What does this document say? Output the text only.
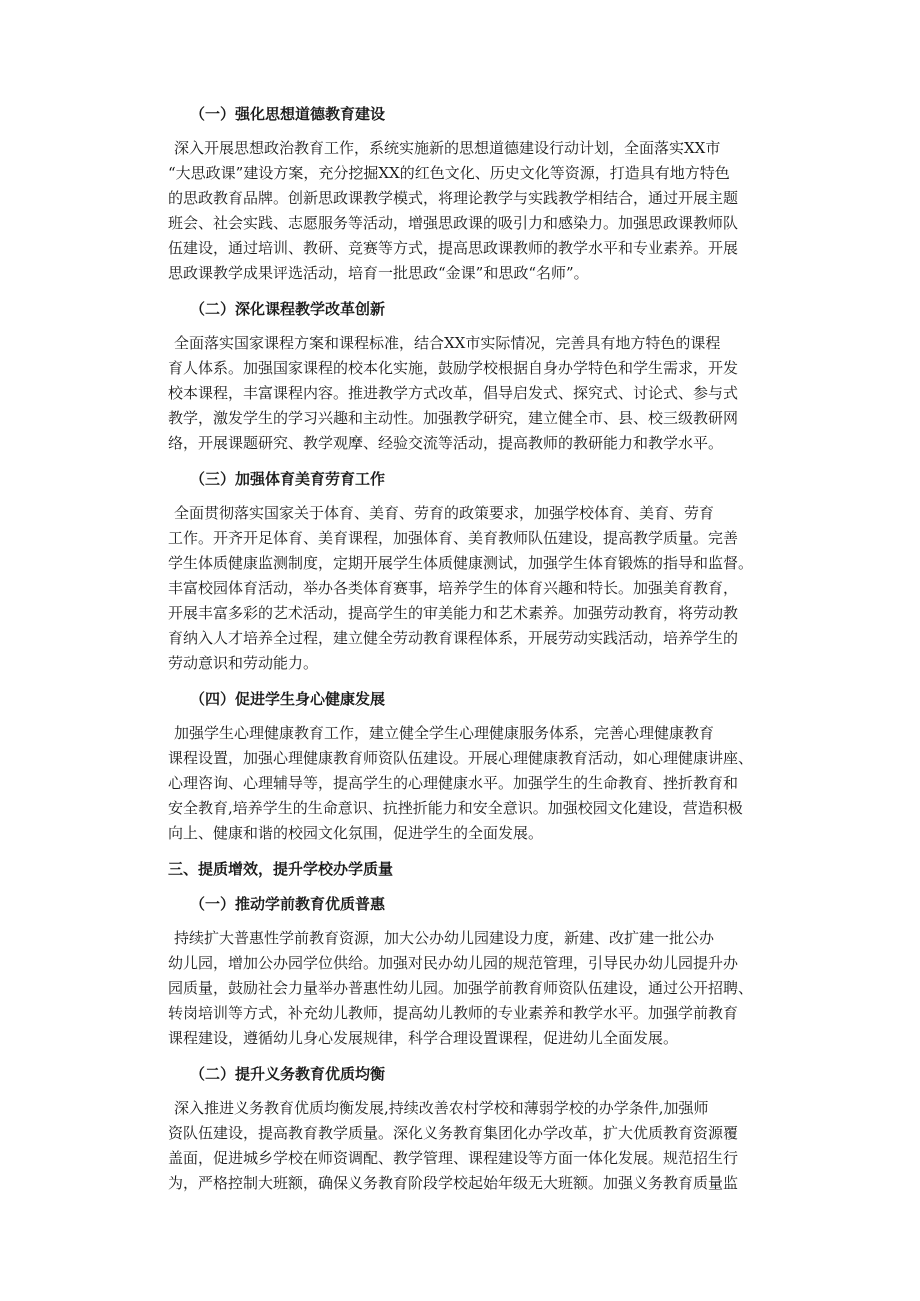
（一）强化思想道德教育建设
深入开展思想政治教育工作，系统实施新的思想道德建设行动计划，全面落实XX市
“大思政课”建设方案，充分挖掘XX的红色文化、历史文化等资源，打造具有地方特色
的思政教育品牌。创新思政课教学模式，将理论教学与实践教学相结合，通过开展主题
班会、社会实践、志愿服务等活动，增强思政课的吸引力和感染力。加强思政课教师队
伍建设，通过培训、教研、竞赛等方式，提高思政课教师的教学水平和专业素养。开展
思政课教学成果评选活动，培育一批思政“金课”和思政“名师”。
（二）深化课程教学改革创新
全面落实国家课程方案和课程标准，结合XX市实际情况，完善具有地方特色的课程
育人体系。加强国家课程的校本化实施，鼓励学校根据自身办学特色和学生需求，开发
校本课程，丰富课程内容。推进教学方式改革，倡导启发式、探究式、讨论式、参与式
教学，激发学生的学习兴趣和主动性。加强教学研究，建立健全市、县、校三级教研网
络，开展课题研究、教学观摩、经验交流等活动，提高教师的教研能力和教学水平。
（三）加强体育美育劳育工作
全面贯彻落实国家关于体育、美育、劳育的政策要求，加强学校体育、美育、劳育
工作。开齐开足体育、美育课程，加强体育、美育教师队伍建设，提高教学质量。完善
学生体质健康监测制度，定期开展学生体质健康测试，加强学生体育锻炼的指导和监督。
丰富校园体育活动，举办各类体育赛事，培养学生的体育兴趣和特长。加强美育教育，
开展丰富多彩的艺术活动，提高学生的审美能力和艺术素养。加强劳动教育，将劳动教
育纳入人才培养全过程，建立健全劳动教育课程体系，开展劳动实践活动，培养学生的
劳动意识和劳动能力。
（四）促进学生身心健康发展
加强学生心理健康教育工作，建立健全学生心理健康服务体系，完善心理健康教育
课程设置，加强心理健康教育师资队伍建设。开展心理健康教育活动，如心理健康讲座、
心理咨询、心理辅导等，提高学生的心理健康水平。加强学生的生命教育、挫折教育和
安全教育,培养学生的生命意识、抗挫折能力和安全意识。加强校园文化建设，营造积极
向上、健康和谐的校园文化氛围，促进学生的全面发展。
三、提质增效，提升学校办学质量
（一）推动学前教育优质普惠
持续扩大普惠性学前教育资源，加大公办幼儿园建设力度，新建、改扩建一批公办
幼儿园，增加公办园学位供给。加强对民办幼儿园的规范管理，引导民办幼儿园提升办
园质量，鼓励社会力量举办普惠性幼儿园。加强学前教育师资队伍建设，通过公开招聘、
转岗培训等方式，补充幼儿教师，提高幼儿教师的专业素养和教学水平。加强学前教育
课程建设，遵循幼儿身心发展规律，科学合理设置课程，促进幼儿全面发展。
（二）提升义务教育优质均衡
深入推进义务教育优质均衡发展,持续改善农村学校和薄弱学校的办学条件,加强师
资队伍建设，提高教育教学质量。深化义务教育集团化办学改革，扩大优质教育资源覆
盖面，促进城乡学校在师资调配、教学管理、课程建设等方面一体化发展。规范招生行
为，严格控制大班额，确保义务教育阶段学校起始年级无大班额。加强义务教育质量监
